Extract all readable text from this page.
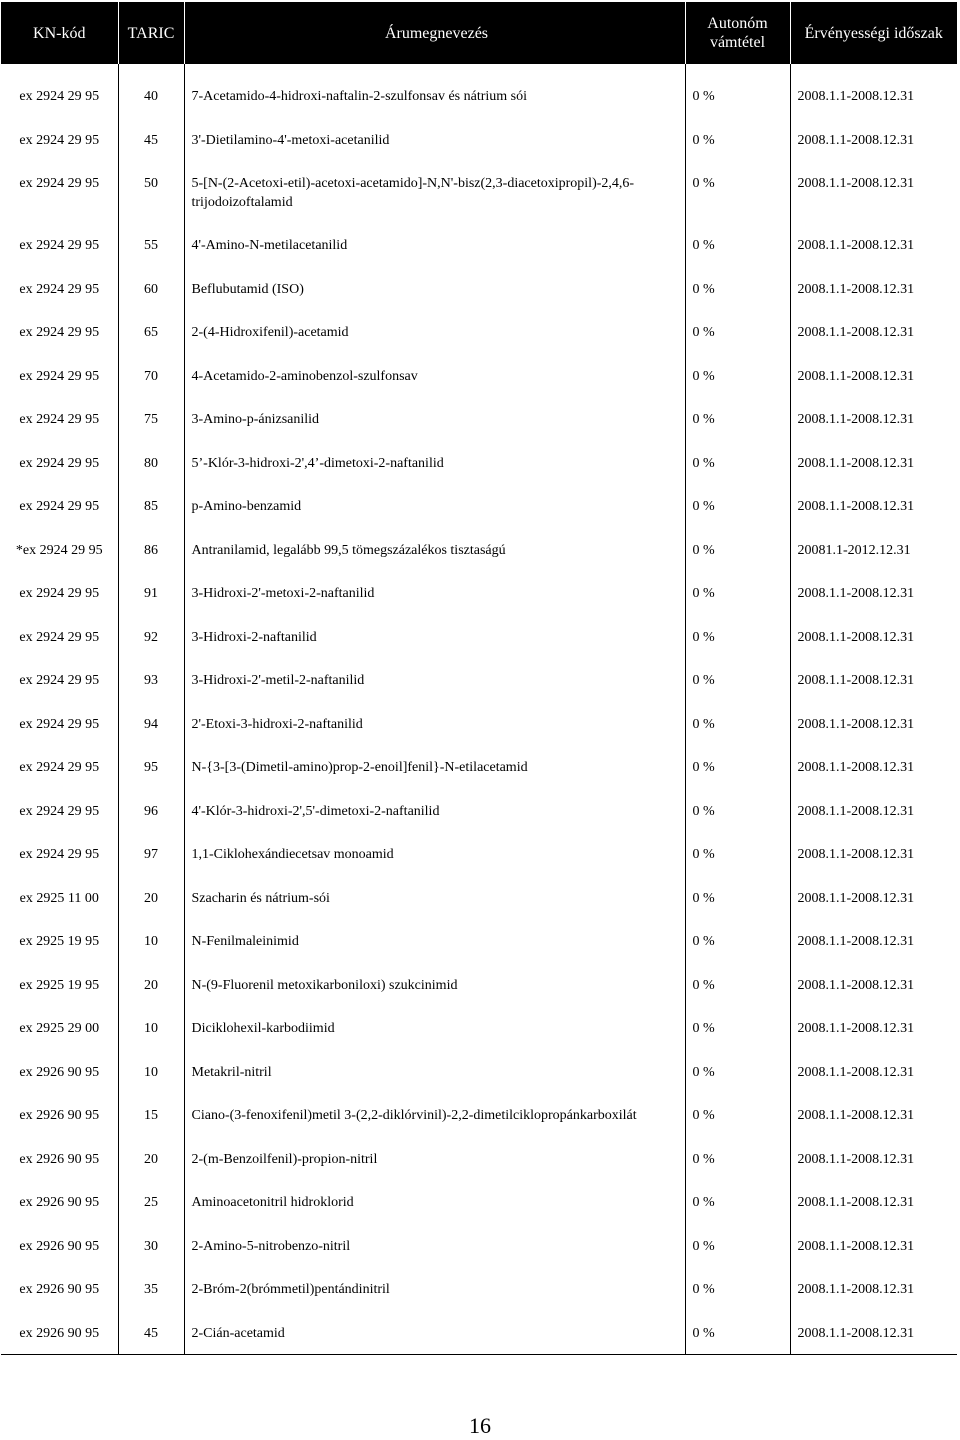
KN-kód	TARIC	Árumegnevezés	Autonóm vámtétel	Érvényességi időszak

ex 2924 29 95	40	7-Acetamido-4-hidroxi-naftalin-2-szulfonsav és nátrium sói	0 %	2008.1.1-2008.12.31
ex 2924 29 95	45	3'-Dietilamino-4'-metoxi-acetanilid	0 %	2008.1.1-2008.12.31
ex 2924 29 95	50	5-[N-(2-Acetoxi-etil)-acetoxi-acetamido]-N,N'-bisz(2,3-diacetoxipropil)-2,4,6-trijodoizoftalamid	0 %	2008.1.1-2008.12.31
ex 2924 29 95	55	4'-Amino-N-metilacetanilid	0 %	2008.1.1-2008.12.31
ex 2924 29 95	60	Beflubutamid (ISO)	0 %	2008.1.1-2008.12.31
ex 2924 29 95	65	2-(4-Hidroxifenil)-acetamid	0 %	2008.1.1-2008.12.31
ex 2924 29 95	70	4-Acetamido-2-aminobenzol-szulfonsav	0 %	2008.1.1-2008.12.31
ex 2924 29 95	75	3-Amino-p-ánizsanilid	0 %	2008.1.1-2008.12.31
ex 2924 29 95	80	5’-Klór-3-hidroxi-2',4’-dimetoxi-2-naftanilid	0 %	2008.1.1-2008.12.31
ex 2924 29 95	85	p-Amino-benzamid	0 %	2008.1.1-2008.12.31
*ex 2924 29 95	86	Antranilamid, legalább 99,5 tömegszázalékos tisztaságú	0 %	20081.1-2012.12.31
ex 2924 29 95	91	3-Hidroxi-2'-metoxi-2-naftanilid	0 %	2008.1.1-2008.12.31
ex 2924 29 95	92	3-Hidroxi-2-naftanilid	0 %	2008.1.1-2008.12.31
ex 2924 29 95	93	3-Hidroxi-2'-metil-2-naftanilid	0 %	2008.1.1-2008.12.31
ex 2924 29 95	94	2'-Etoxi-3-hidroxi-2-naftanilid	0 %	2008.1.1-2008.12.31
ex 2924 29 95	95	N-{3-[3-(Dimetil-amino)prop-2-enoil]fenil}-N-etilacetamid	0 %	2008.1.1-2008.12.31
ex 2924 29 95	96	4'-Klór-3-hidroxi-2',5'-dimetoxi-2-naftanilid	0 %	2008.1.1-2008.12.31
ex 2924 29 95	97	1,1-Ciklohexándiecetsav monoamid	0 %	2008.1.1-2008.12.31
ex 2925 11 00	20	Szacharin és nátrium-sói	0 %	2008.1.1-2008.12.31
ex 2925 19 95	10	N-Fenilmaleinimid	0 %	2008.1.1-2008.12.31
ex 2925 19 95	20	N-(9-Fluorenil metoxikarboniloxi) szukcinimid	0 %	2008.1.1-2008.12.31
ex 2925 29 00	10	Diciklohexil-karbodiimid	0 %	2008.1.1-2008.12.31
ex 2926 90 95	10	Metakril-nitril	0 %	2008.1.1-2008.12.31
ex 2926 90 95	15	Ciano-(3-fenoxifenil)metil 3-(2,2-diklórvinil)-2,2-dimetilciklopropánkarboxilát	0 %	2008.1.1-2008.12.31
ex 2926 90 95	20	2-(m-Benzoilfenil)-propion-nitril	0 %	2008.1.1-2008.12.31
ex 2926 90 95	25	Aminoacetonitril hidroklorid	0 %	2008.1.1-2008.12.31
ex 2926 90 95	30	2-Amino-5-nitrobenzo-nitril	0 %	2008.1.1-2008.12.31
ex 2926 90 95	35	2-Bróm-2(brómmetil)pentándinitril	0 %	2008.1.1-2008.12.31
ex 2926 90 95	45	2-Cián-acetamid	0 %	2008.1.1-2008.12.31
16
